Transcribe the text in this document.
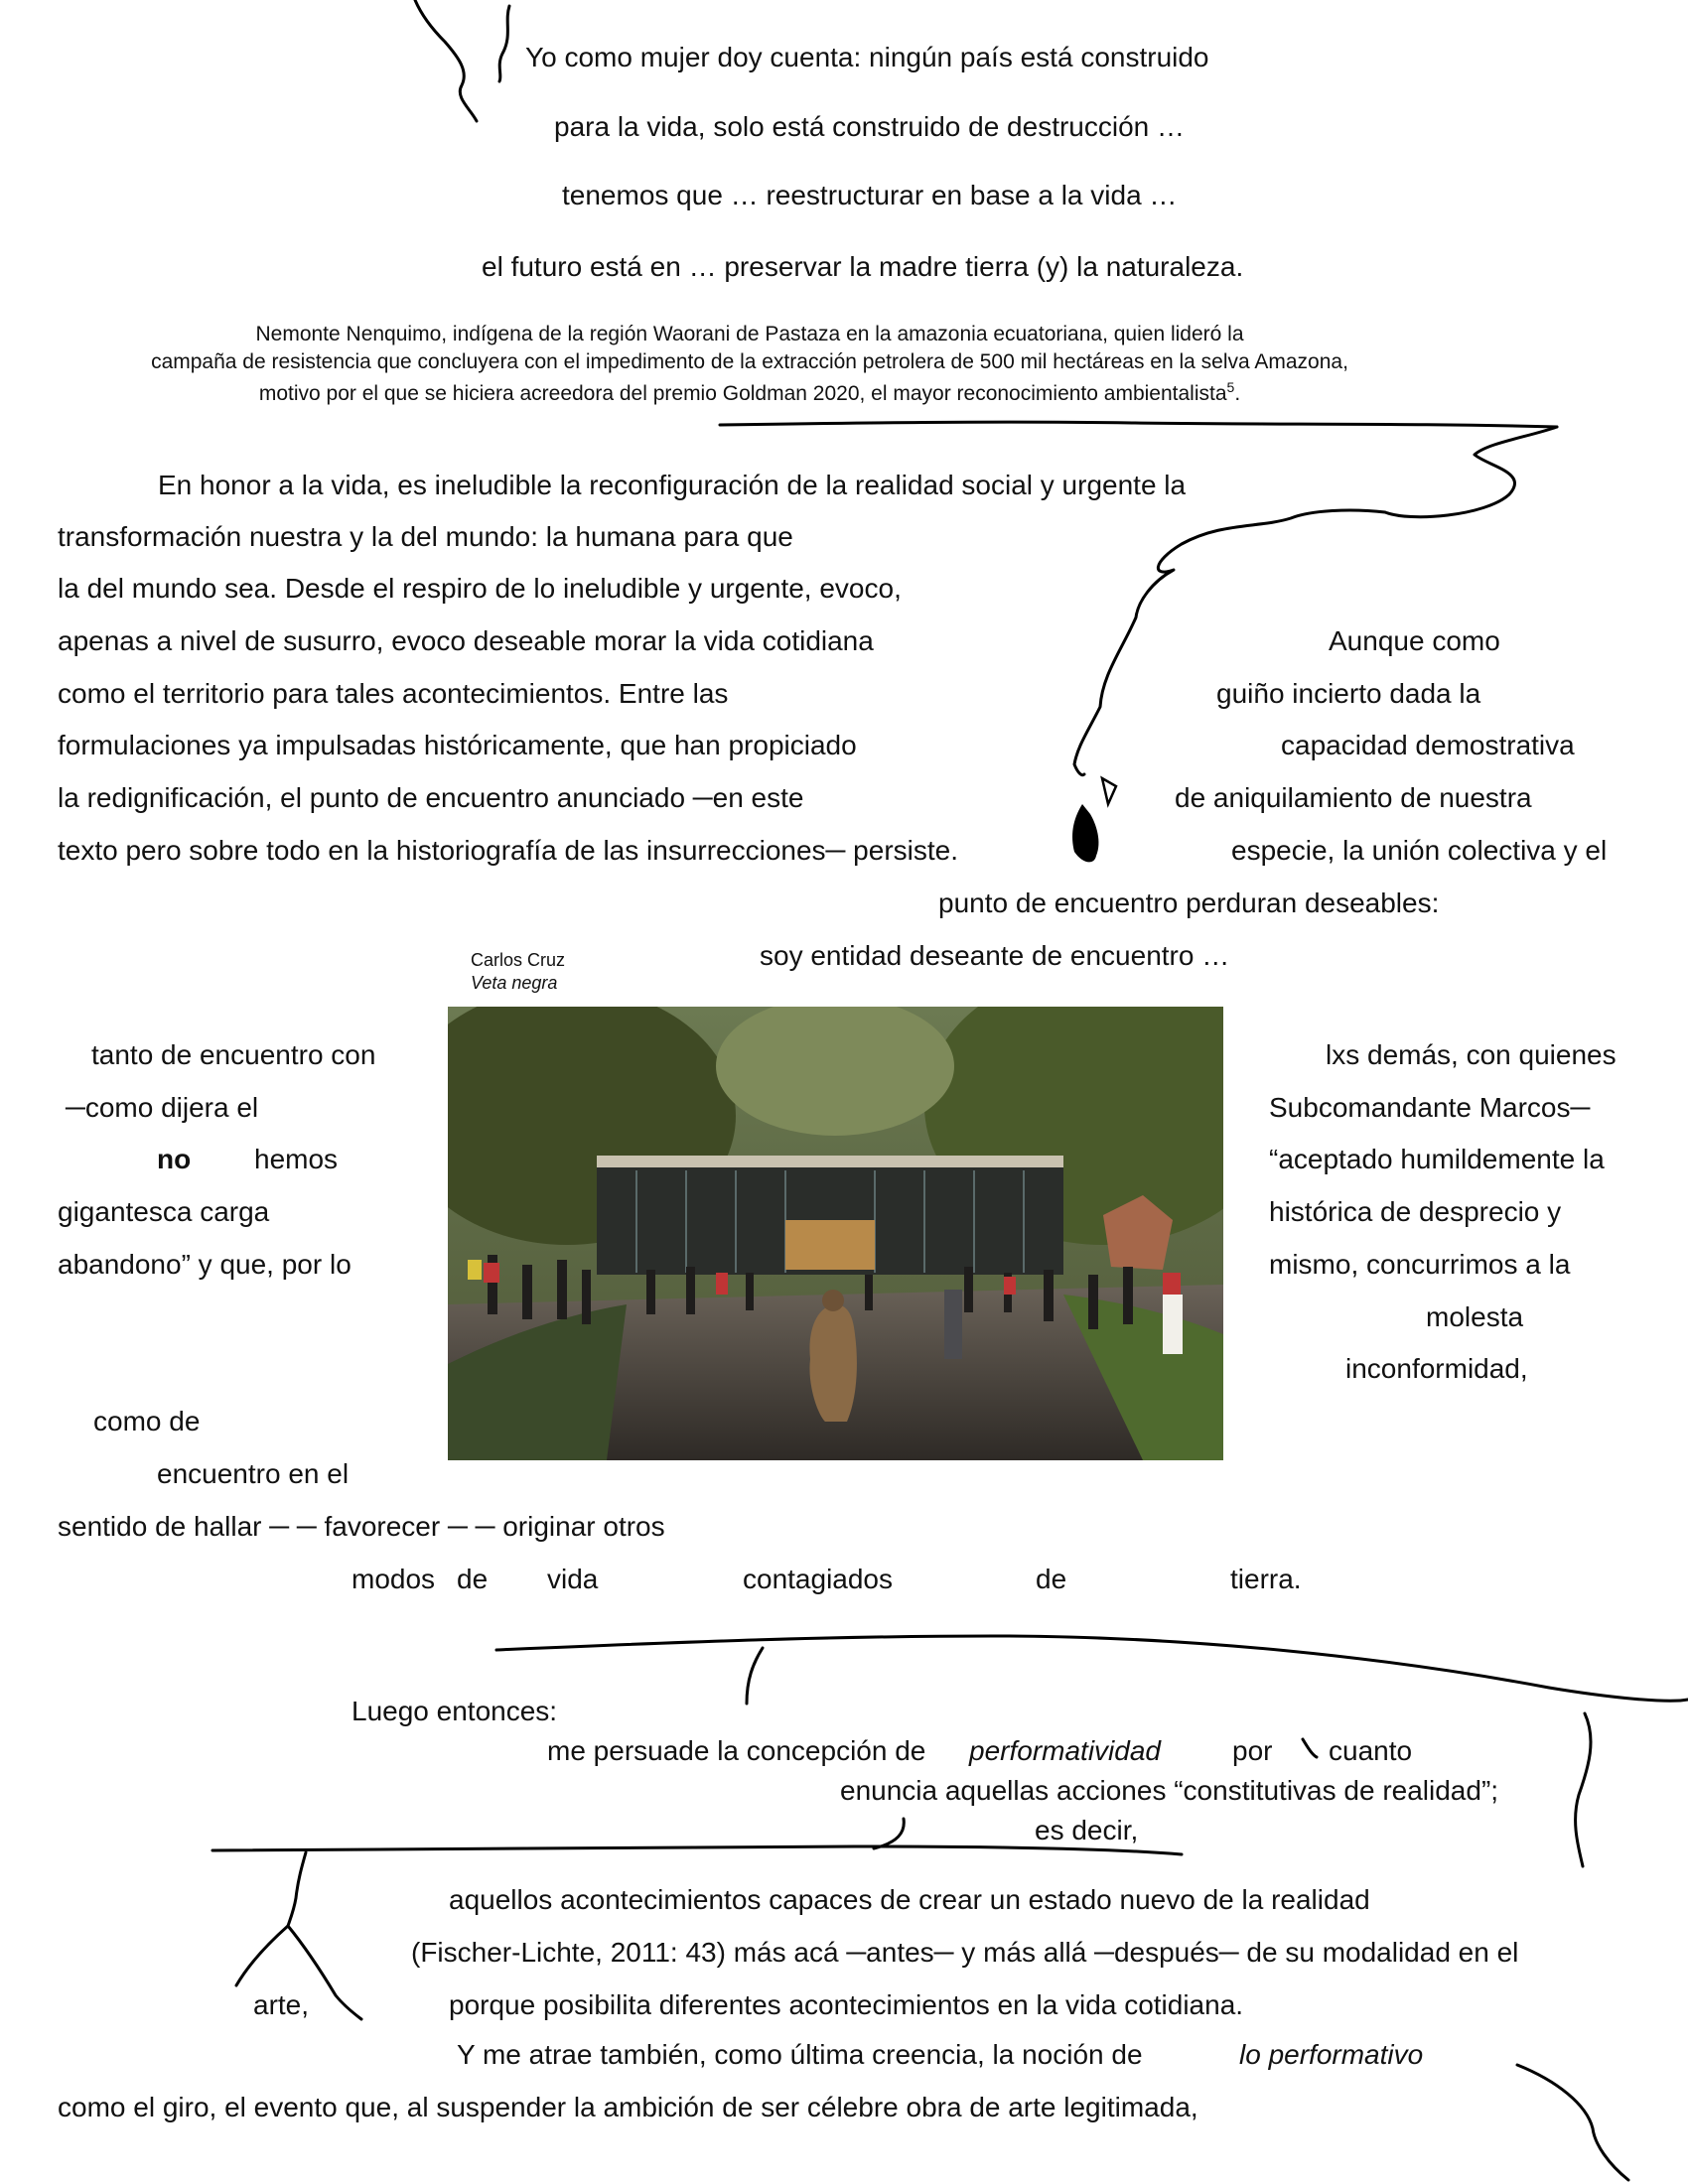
Yo como mujer doy cuenta: ningún país está construido
para la vida, solo está construido de destrucción …
tenemos que … reestructurar en base a la vida …
el futuro está en … preservar la madre tierra (y) la naturaleza.
Nemonte Nenquimo, indígena de la región Waorani de Pastaza en la amazonia ecuatoriana, quien lideró la
campaña de resistencia que concluyera con el impedimento de la extracción petrolera de 500 mil hectáreas en la selva Amazona,
motivo por el que se hiciera acreedora del premio Goldman 2020, el mayor reconocimiento ambientalista$^5$.
En honor a la vida, es ineludible la reconfiguración de la realidad social y urgente la
transformación nuestra y la del mundo: la humana para que
la del mundo sea. Desde el respiro de lo ineludible y urgente, evoco,
apenas a nivel de susurro, evoco deseable morar la vida cotidiana
como el territorio para tales acontecimientos. Entre las
formulaciones ya impulsadas históricamente, que han propiciado
la redignificación, el punto de encuentro anunciado ─en este
texto pero sobre todo en la historiografía de las insurrecciones─ persiste.
Aunque como
guiño incierto dada la
capacidad demostrativa
de aniquilamiento de nuestra
especie, la unión colectiva y el
punto de encuentro perduran deseables:
soy entidad deseante de encuentro …
Carlos Cruz
Veta negra
tanto de encuentro con
─como dijera el
no hemos
gigantesca carga
abandono” y que, por lo
como de
encuentro en el
sentido de hallar ─ ─ favorecer ─ ─ originar otros
lxs demás, con quienes
Subcomandante Marcos─
“aceptado humildemente la
histórica de desprecio y
mismo, concurrimos a la
molesta
inconformidad,
modos de vida	contagiados	de	tierra.
Luego entonces:
me persuade la concepción de performatividad	por cuanto
enuncia aquellas acciones “constitutivas de realidad”;
es decir,
aquellos acontecimientos capaces de crear un estado nuevo de la realidad
(Fischer-Lichte, 2011: 43) más acá ─antes─ y más allá ─después─ de su modalidad en el
arte,	porque posibilita diferentes acontecimientos en la vida cotidiana.
Y me atrae también, como última creencia, la noción de	lo performativo
como el giro, el evento que, al suspender la ambición de ser célebre obra de arte legitimada,
